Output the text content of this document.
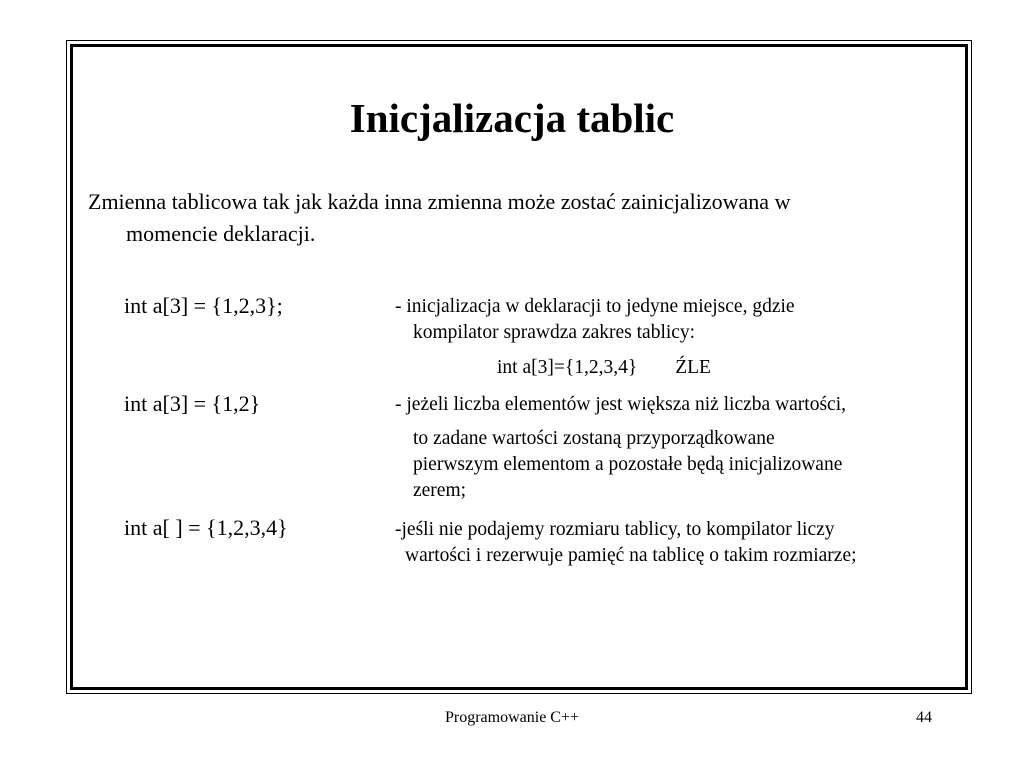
Inicjalizacja tablic

Zmienna tablicowa tak jak każda inna zmienna może zostać zainicjalizowana w
momencie deklaracji.

int a[3] = {1,2,3};	- inicjalizacja w deklaracji to jedyne miejsce, gdzie
kompilator sprawdza zakres tablicy:

int a[3]={1,2,3,4} ŹLE
int a[3] = {1,2}	- jeżeli liczba elementów jest większa niż liczba wartości,
to zadane wartości zostaną przyporządkowane
pierwszym elementom a pozostałe będą inicjalizowane
zerem;

int a[ ] = {1,2,3,4}	-jeśli nie podajemy rozmiaru tablicy, to kompilator liczy
wartości i rezerwuje pamięć na tablicę o takim rozmiarze;

Programowanie C++	44
